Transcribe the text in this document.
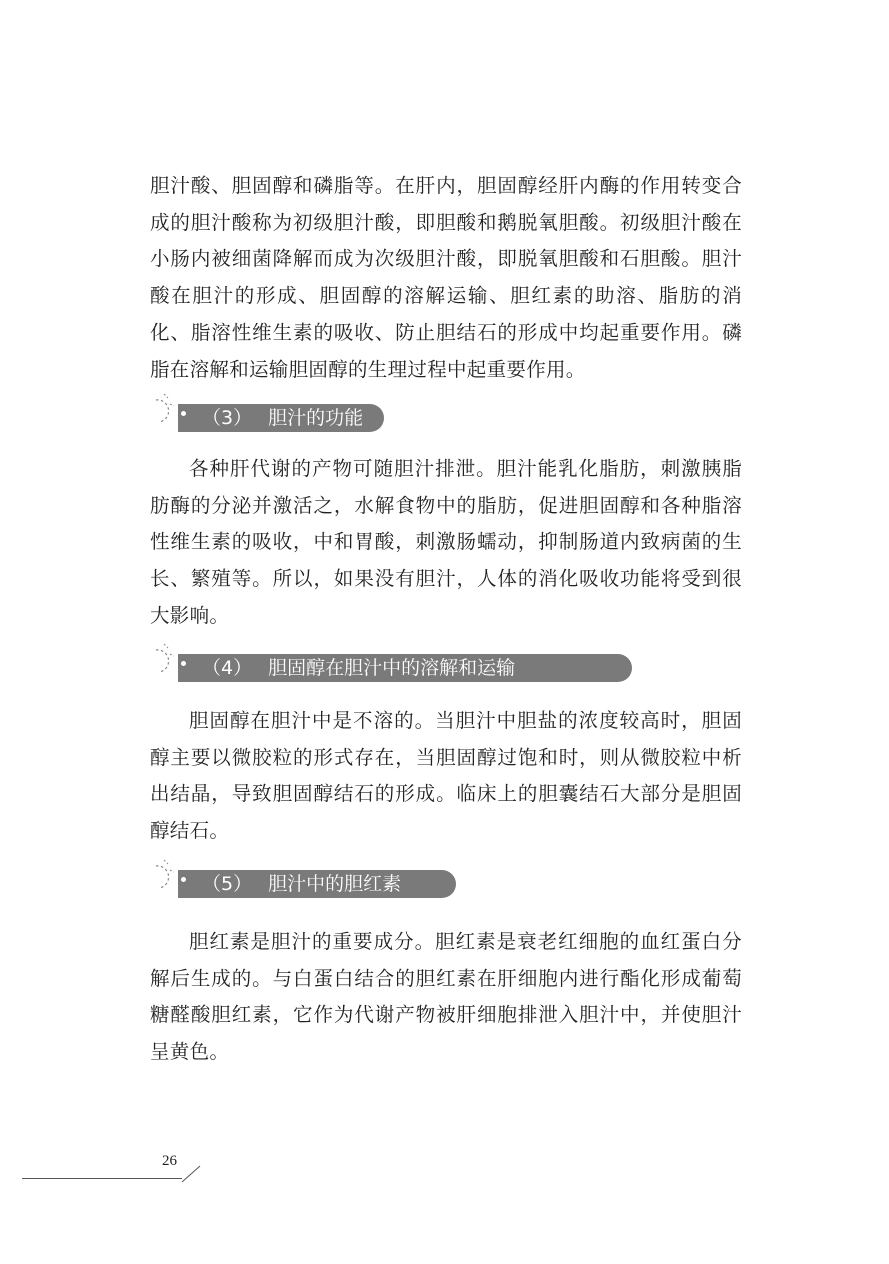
胆汁酸、胆固醇和磷脂等。在肝内，胆固醇经肝内酶的作用转变合成的胆汁酸称为初级胆汁酸，即胆酸和鹅脱氧胆酸。初级胆汁酸在小肠内被细菌降解而成为次级胆汁酸，即脱氧胆酸和石胆酸。胆汁酸在胆汁的形成、胆固醇的溶解运输、胆红素的助溶、脂肪的消化、脂溶性维生素的吸收、防止胆结石的形成中均起重要作用。磷脂在溶解和运输胆固醇的生理过程中起重要作用。

（3） 胆汁的功能

各种肝代谢的产物可随胆汁排泄。胆汁能乳化脂肪，刺激胰脂肪酶的分泌并激活之，水解食物中的脂肪，促进胆固醇和各种脂溶性维生素的吸收，中和胃酸，刺激肠蠕动，抑制肠道内致病菌的生长、繁殖等。所以，如果没有胆汁，人体的消化吸收功能将受到很大影响。

（4） 胆固醇在胆汁中的溶解和运输

胆固醇在胆汁中是不溶的。当胆汁中胆盐的浓度较高时，胆固醇主要以微胶粒的形式存在，当胆固醇过饱和时，则从微胶粒中析出结晶，导致胆固醇结石的形成。临床上的胆囊结石大部分是胆固醇结石。

（5） 胆汁中的胆红素

胆红素是胆汁的重要成分。胆红素是衰老红细胞的血红蛋白分解后生成的。与白蛋白结合的胆红素在肝细胞内进行酯化形成葡萄糖醛酸胆红素，它作为代谢产物被肝细胞排泄入胆汁中，并使胆汁呈黄色。

26
